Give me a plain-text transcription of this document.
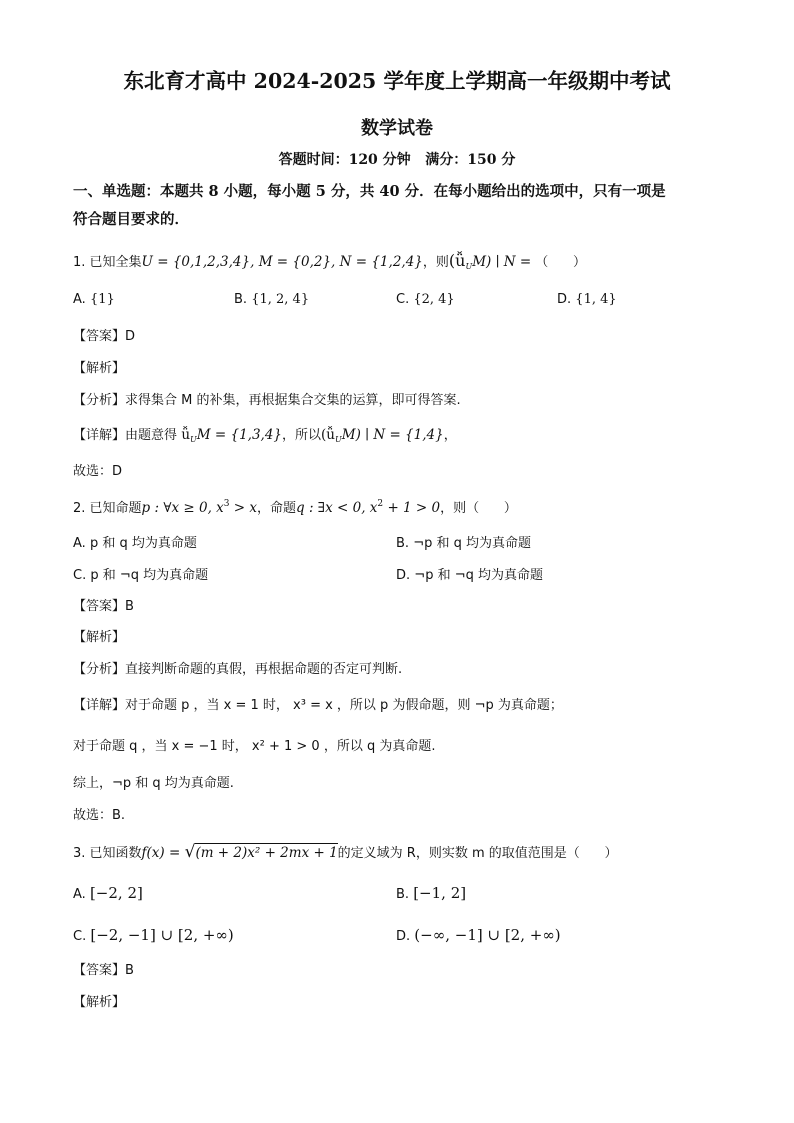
东北育才高中 2024-2025 学年度上学期高一年级期中考试
数学试卷
答题时间：120 分钟   满分：150 分
一、单选题：本题共 8 小题，每小题 5 分，共 40 分．在每小题给出的选项中，只有一项是
符合题目要求的．
1. 已知全集U = {0,1,2,3,4}, M = {0,2}, N = {1,2,4}，则$(ǚ_UM)$ ∣ N = （      ）
A. {1}	B. {1, 2, 4}	C. {2, 4}	D. {1, 4}
【答案】D
【解析】
【分析】求得集合 M 的补集，再根据集合交集的运算，即可得答案.
【详解】由题意得 $ǚ_UM = \{1,3,4\}$，所以$(ǚ_UM)$ ∣ N = {1,4}，
故选：D
2. 已知命题p : ∀x ≥ 0, $x^3 > x$，命题q : ∃x < 0, $x^2 + 1 > 0$，则（      ）
A. p 和 q 均为真命题	B. ¬p 和 q 均为真命题
C. p 和 ¬q 均为真命题	D. ¬p 和 ¬q 均为真命题
【答案】B
【解析】
【分析】直接判断命题的真假，再根据命题的否定可判断.
【详解】对于命题 p ，当 x = 1 时， x³ = x ，所以 p 为假命题，则 ¬p 为真命题；
对于命题 q ，当 x = −1 时， x² + 1 > 0 ，所以 q 为真命题.
综上，¬p 和 q 均为真命题.
故选：B.
3. 已知函数f(x) = √(m + 2)x² + 2mx + 1的定义域为 R，则实数 m 的取值范围是（      ）
A. [−2, 2]	B. [−1, 2]
C. [−2, −1] ∪ [2, +∞)	D. (−∞, −1] ∪ [2, +∞)
【答案】B
【解析】
